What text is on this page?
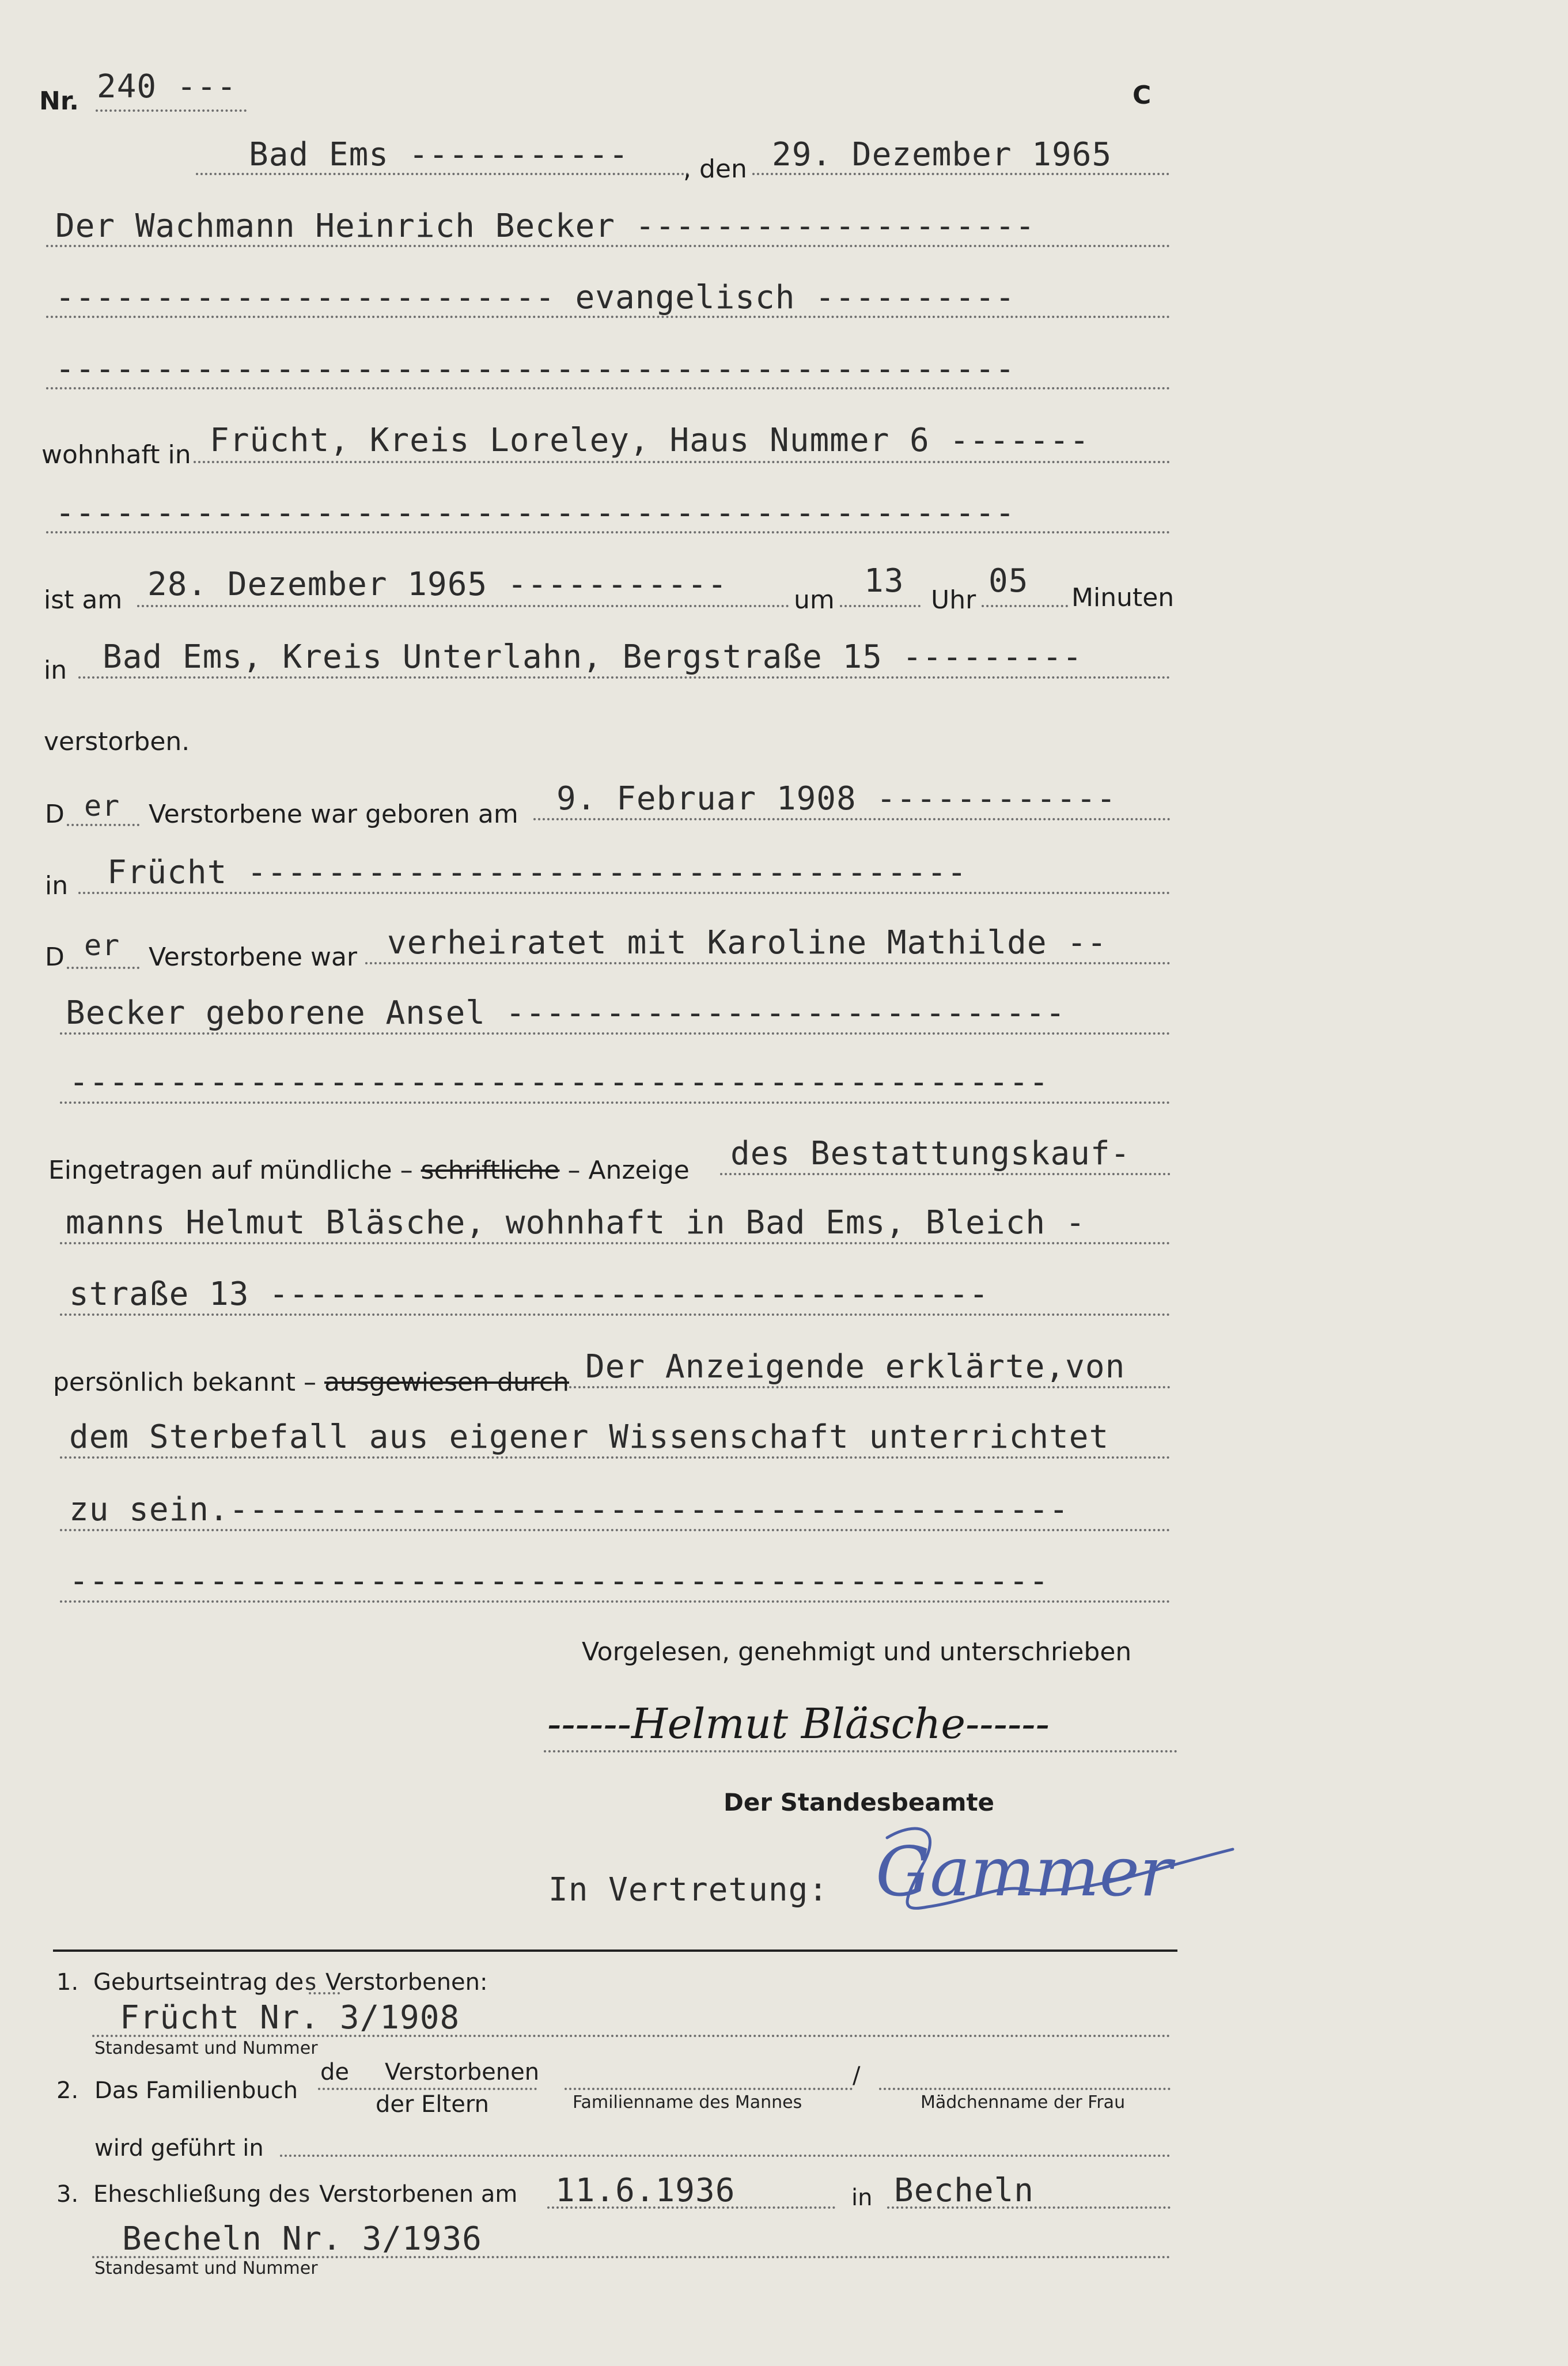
Nr. 240 ---	C
Bad Ems ----------- , den 29. Dezember 1965
Der Wachmann Heinrich Becker --------------------
------------------------- evangelisch ----------
------------------------------------------------
wohnhaft in Frücht, Kreis Loreley, Haus Nummer 6 -------
------------------------------------------------
ist am 28. Dezember 1965 -----------	um
13
Uhr
05 Minuten
in Bad Ems, Kreis Unterlahn, Bergstraße 15 ---------
verstorben.
D er Verstorbene war geboren am 9. Februar 1908 ------------
in Frücht ------------------------------------
D er Verstorbene war verheiratet mit Karoline Mathilde --
Becker geborene Ansel ----------------------------
-------------------------------------------------
Eingetragen auf mündliche – schriftliche – Anzeige des Bestattungskauf-
manns Helmut Bläsche, wohnhaft in Bad Ems, Bleich -
straße 13 ------------------------------------
persönlich bekannt – ausgewiesen durch Der Anzeigende erklärte,von
dem Sterbefall aus eigener Wissenschaft unterrichtet
zu sein.------------------------------------------
-------------------------------------------------
Vorgelesen, genehmigt und unterschrieben
------Helmut Bläsche------
Der Standesbeamte
In Vertretung: Gammer
1. Geburtseintrag des Verstorbenen:
Frücht Nr. 3/1908
Standesamt und Nummer
2. Das Familienbuch
de Verstorbenen
der Eltern
/
Familienname des Mannes	Mädchenname der Frau
wird geführt in
3. Eheschließung des Verstorbenen am 11.6.1936	in Becheln
Becheln Nr. 3/1936
Standesamt und Nummer
